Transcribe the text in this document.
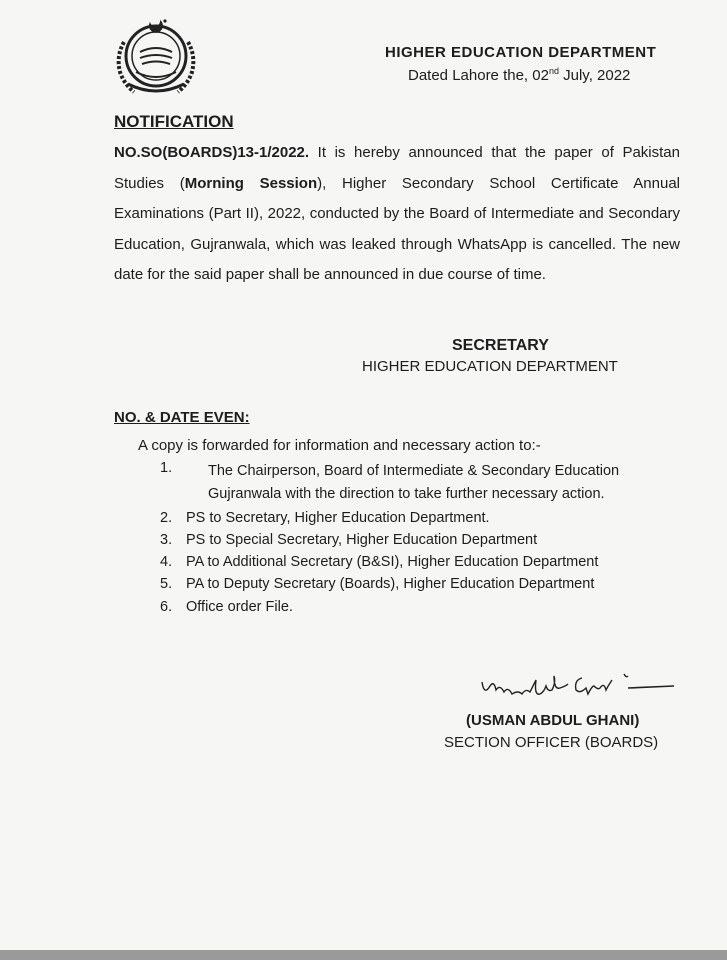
HIGHER EDUCATION DEPARTMENT
Dated Lahore the, 02nd July, 2022
NOTIFICATION
NO.SO(BOARDS)13-1/2022. It is hereby announced that the paper of Pakistan Studies (Morning Session), Higher Secondary School Certificate Annual Examinations (Part II), 2022, conducted by the Board of Intermediate and Secondary Education, Gujranwala, which was leaked through WhatsApp is cancelled. The new date for the said paper shall be announced in due course of time.
SECRETARY
HIGHER EDUCATION DEPARTMENT
NO. & DATE EVEN:
A copy is forwarded for information and necessary action to:-
1. The Chairperson, Board of Intermediate & Secondary Education
Gujranwala with the direction to take further necessary action.
2. PS to Secretary, Higher Education Department.
3. PS to Special Secretary, Higher Education Department
4. PA to Additional Secretary (B&SI), Higher Education Department
5. PA to Deputy Secretary (Boards), Higher Education Department
6. Office order File.
(USMAN ABDUL GHANI)
SECTION OFFICER (BOARDS)
